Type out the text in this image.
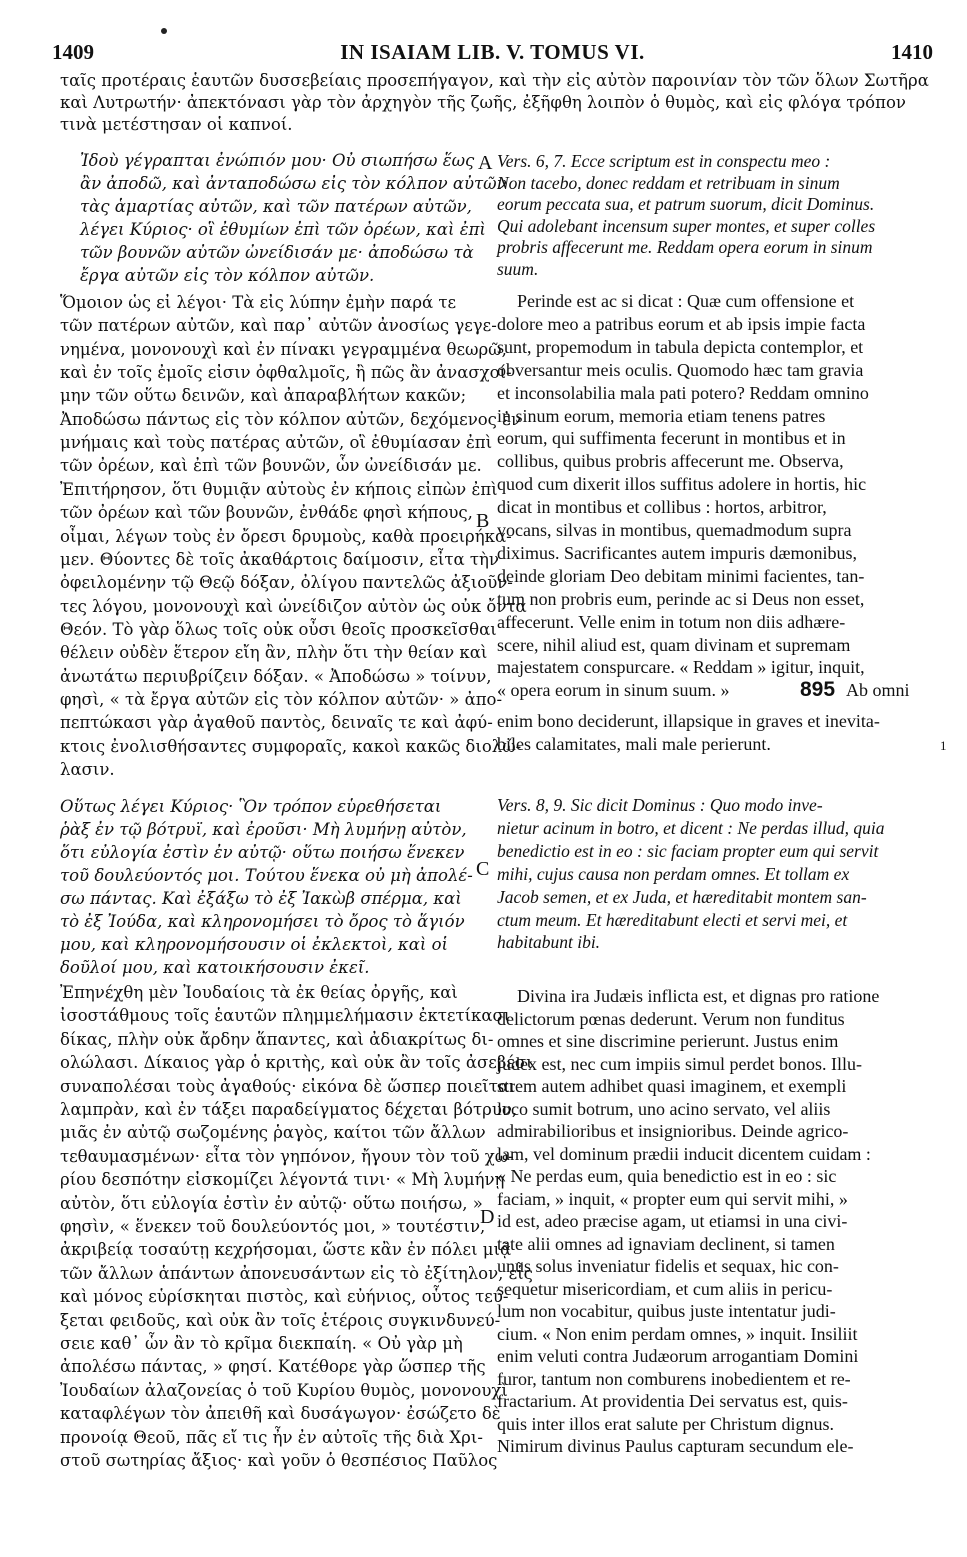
1409	IN ISAIAM LIB. V. TOMUS VI.	1410
ταῖς προτέραις ἑαυτῶν δυσσεβείαις προσεπήγαγον, καὶ τὴν εἰς αὐτὸν παροινίαν τὸν τῶν ὅλων Σωτῆρα
καὶ Λυτρωτήν· ἀπεκτόνασι γὰρ τὸν ἀρχηγὸν τῆς ζωῆς, ἐξῆφθη λοιπὸν ὁ θυμὸς, καὶ εἰς φλόγα τρόπον
τινὰ μετέστησαν οἱ καπνοί.
Ἰδοὺ γέγραπται ἐνώπιόν μου· Οὐ σιωπήσω ἕως
ἂν ἀποδῶ, καὶ ἀνταποδώσω εἰς τὸν κόλπον αὐτῶν
τὰς ἁμαρτίας αὐτῶν, καὶ τῶν πατέρων αὐτῶν,
λέγει Κύριος· οἳ ἐθυμίων ἐπὶ τῶν ὀρέων, καὶ ἐπὶ
τῶν βουνῶν αὐτῶν ὠνείδισάν με· ἀποδώσω τὰ
ἔργα αὐτῶν εἰς τὸν κόλπον αὐτῶν.
Ὅμοιον ὡς εἰ λέγοι· Τὰ εἰς λύπην ἐμὴν παρά τε
τῶν πατέρων αὐτῶν, καὶ παρ᾽ αὐτῶν ἀνοσίως γεγε-
νημένα, μονονουχὶ καὶ ἐν πίνακι γεγραμμένα θεωρῶ,
καὶ ἐν τοῖς ἐμοῖς εἰσιν ὀφθαλμοῖς, ἢ πῶς ἂν ἀνασχοί-
μην τῶν οὕτω δεινῶν, καὶ ἀπαραβλήτων κακῶν;
Ἀποδώσω πάντως εἰς τὸν κόλπον αὐτῶν, δεχόμενος ἐν
μνήμαις καὶ τοὺς πατέρας αὐτῶν, οἳ ἐθυμίασαν ἐπὶ
τῶν ὀρέων, καὶ ἐπὶ τῶν βουνῶν, ὧν ὠνείδισάν με.
Ἐπιτήρησον, ὅτι θυμιᾷν αὐτοὺς ἐν κήποις εἰπὼν ἐπὶ
τῶν ὀρέων καὶ τῶν βουνῶν, ἐνθάδε φησὶ κήπους,
οἶμαι, λέγων τοὺς ἐν ὄρεσι δρυμοὺς, καθὰ προειρήκα-
μεν. Θύοντες δὲ τοῖς ἀκαθάρτοις δαίμοσιν, εἶτα τὴν
ὀφειλομένην τῷ Θεῷ δόξαν, ὀλίγου παντελῶς ἀξιοῦν-
τες λόγου, μονονουχὶ καὶ ὠνείδιζον αὐτὸν ὡς οὐκ ὄντα
Θεόν. Τὸ γὰρ ὅλως τοῖς οὐκ οὖσι θεοῖς προσκεῖσθαι
θέλειν οὐδὲν ἕτερον εἴη ἂν, πλὴν ὅτι τὴν θείαν καὶ
ἀνωτάτω περιυβρίζειν δόξαν. « Ἀποδώσω » τοίνυν,
φησὶ, « τὰ ἔργα αὐτῶν εἰς τὸν κόλπον αὐτῶν· » ἀπο-
πεπτώκασι γὰρ ἀγαθοῦ παντὸς, δειναῖς τε καὶ ἀφύ-
κτοις ἐνολισθήσαντες συμφοραῖς, κακοὶ κακῶς διολώ-
λασιν.
Οὕτως λέγει Κύριος· Ὃν τρόπον εὑρεθήσεται
ῥὰξ ἐν τῷ βότρυϊ, καὶ ἐροῦσι· Μὴ λυμήνῃ αὐτὸν,
ὅτι εὐλογία ἐστὶν ἐν αὐτῷ· οὕτω ποιήσω ἕνεκεν
τοῦ δουλεύοντός μοι. Τούτου ἕνεκα οὐ μὴ ἀπολέ-
σω πάντας. Καὶ ἐξάξω τὸ ἐξ Ἰακὼβ σπέρμα, καὶ
τὸ ἐξ Ἰούδα, καὶ κληρονομήσει τὸ ὄρος τὸ ἅγιόν
μου, καὶ κληρονομήσουσιν οἱ ἐκλεκτοὶ, καὶ οἱ
δοῦλοί μου, καὶ κατοικήσουσιν ἐκεῖ.
Ἐπηνέχθη μὲν Ἰουδαίοις τὰ ἐκ θείας ὀργῆς, καὶ
ἰσοστάθμους τοῖς ἑαυτῶν πλημμελήμασιν ἐκτετίκασι
δίκας, πλὴν οὐκ ἄρδην ἅπαντες, καὶ ἀδιακρίτως δι-
ολώλασι. Δίκαιος γὰρ ὁ κριτὴς, καὶ οὐκ ἂν τοῖς ἀσεβέσι
συναπολέσαι τοὺς ἀγαθούς· εἰκόνα δὲ ὥσπερ ποιεῖται
λαμπρὰν, καὶ ἐν τάξει παραδείγματος δέχεται βότρυν,
μιᾶς ἐν αὐτῷ σωζομένης ῥαγὸς, καίτοι τῶν ἄλλων
τεθαυμασμένων· εἶτα τὸν γηπόνον, ἤγουν τὸν τοῦ χω-
ρίου δεσπότην εἰσκομίζει λέγοντά τινι· « Μὴ λυμήνῃ
αὐτὸν, ὅτι εὐλογία ἐστὶν ἐν αὐτῷ· οὕτω ποιήσω, »
φησὶν, « ἕνεκεν τοῦ δουλεύοντός μοι, » τουτέστιν,
ἀκριβείᾳ τοσαύτῃ κεχρήσομαι, ὥστε κἂν ἐν πόλει μιᾷ
τῶν ἄλλων ἁπάντων ἀπονευσάντων εἰς τὸ ἐξίτηλον, εἷς
καὶ μόνος εὑρίσκηται πιστὸς, καὶ εὐήνιος, οὗτος τεύ-
ξεται φειδοῦς, καὶ οὐκ ἂν τοῖς ἑτέροις συγκινδυνεύ-
σειε καθ᾽ ὧν ἂν τὸ κρῖμα διεκπαίη. « Οὐ γὰρ μὴ
ἀπολέσω πάντας, » φησί. Κατέθορε γὰρ ὥσπερ τῆς
Ἰουδαίων ἀλαζονείας ὁ τοῦ Κυρίου θυμὸς, μονονουχὶ
καταφλέγων τὸν ἀπειθῆ καὶ δυσάγωγον· ἐσώζετο δὲ
προνοίᾳ Θεοῦ, πᾶς εἴ τις ἦν ἐν αὐτοῖς τῆς διὰ Χρι-
στοῦ σωτηρίας ἄξιος· καὶ γοῦν ὁ θεσπέσιος Παῦλος
Vers. 6, 7. Ecce scriptum est in conspectu meo :
Non tacebo, donec reddam et retribuam in sinum
eorum peccata sua, et patrum suorum, dicit Dominus.
Qui adolebant incensum super montes, et super colles
probris affecerunt me. Reddam opera eorum in sinum
suum.
Perinde est ac si dicat : Quæ cum offensione et
dolore meo a patribus eorum et ab ipsis impie facta
sunt, propemodum in tabula depicta contemplor, et
obversantur meis oculis. Quomodo hæc tam gravia
et inconsolabilia mala pati potero? Reddam omnino
in sinum eorum, memoria etiam tenens patres
eorum, qui suffimenta fecerunt in montibus et in
collibus, quibus probris affecerunt me. Observa,
quod cum dixerit illos suffitus adolere in hortis, hic
dicat in montibus et collibus : hortos, arbitror,
vocans, silvas in montibus, quemadmodum supra
diximus. Sacrificantes autem impuris dæmonibus,
deinde gloriam Deo debitam minimi facientes, tan-
tum non probris eum, perinde ac si Deus non esset,
affecerunt. Velle enim in totum non diis adhære-
scere, nihil aliud est, quam divinam et supremam
majestatem conspurcare. « Reddam » igitur, inquit,
« opera eorum in sinum suum. »	895 Ab omni
enim bono deciderunt, illapsique in graves et inevita-
biles calamitates, mali male perierunt.
Vers. 8, 9. Sic dicit Dominus : Quo modo inve-
nietur acinum in botro, et dicent : Ne perdas illud, quia
benedictio est in eo : sic faciam propter eum qui servit
mihi, cujus causa non perdam omnes. Et tollam ex
Jacob semen, et ex Juda, et hæreditabit montem san-
ctum meum. Et hæreditabunt electi et servi mei, et
habitabunt ibi.
Divina ira Judæis inflicta est, et dignas pro ratione
delictorum pœnas dederunt. Verum non funditus
omnes et sine discrimine perierunt. Justus enim
judex est, nec cum impiis simul perdet bonos. Illu-
strem autem adhibet quasi imaginem, et exempli
loco sumit botrum, uno acino servato, vel aliis
admirabilioribus et insignioribus. Deinde agrico-
lam, vel dominum prædii inducit dicentem cuidam :
« Ne perdas eum, quia benedictio est in eo : sic
faciam, » inquit, « propter eum qui servit mihi, »
id est, adeo præcise agam, ut etiamsi in una civi-
tate alii omnes ad ignaviam declinent, si tamen
unus solus inveniatur fidelis et sequax, hic con-
sequetur misericordiam, et cum aliis in pericu-
lum non vocabitur, quibus juste intentatur judi-
cium. « Non enim perdam omnes, » inquit. Insiliit
enim veluti contra Judæorum arrogantiam Domini
furor, tantum non comburens inobedientem et re-
fractarium. At providentia Dei servatus est, quis-
quis inter illos erat salute per Christum dignus.
Nimirum divinus Paulus capturam secundum ele-
A
B
C
D
1
